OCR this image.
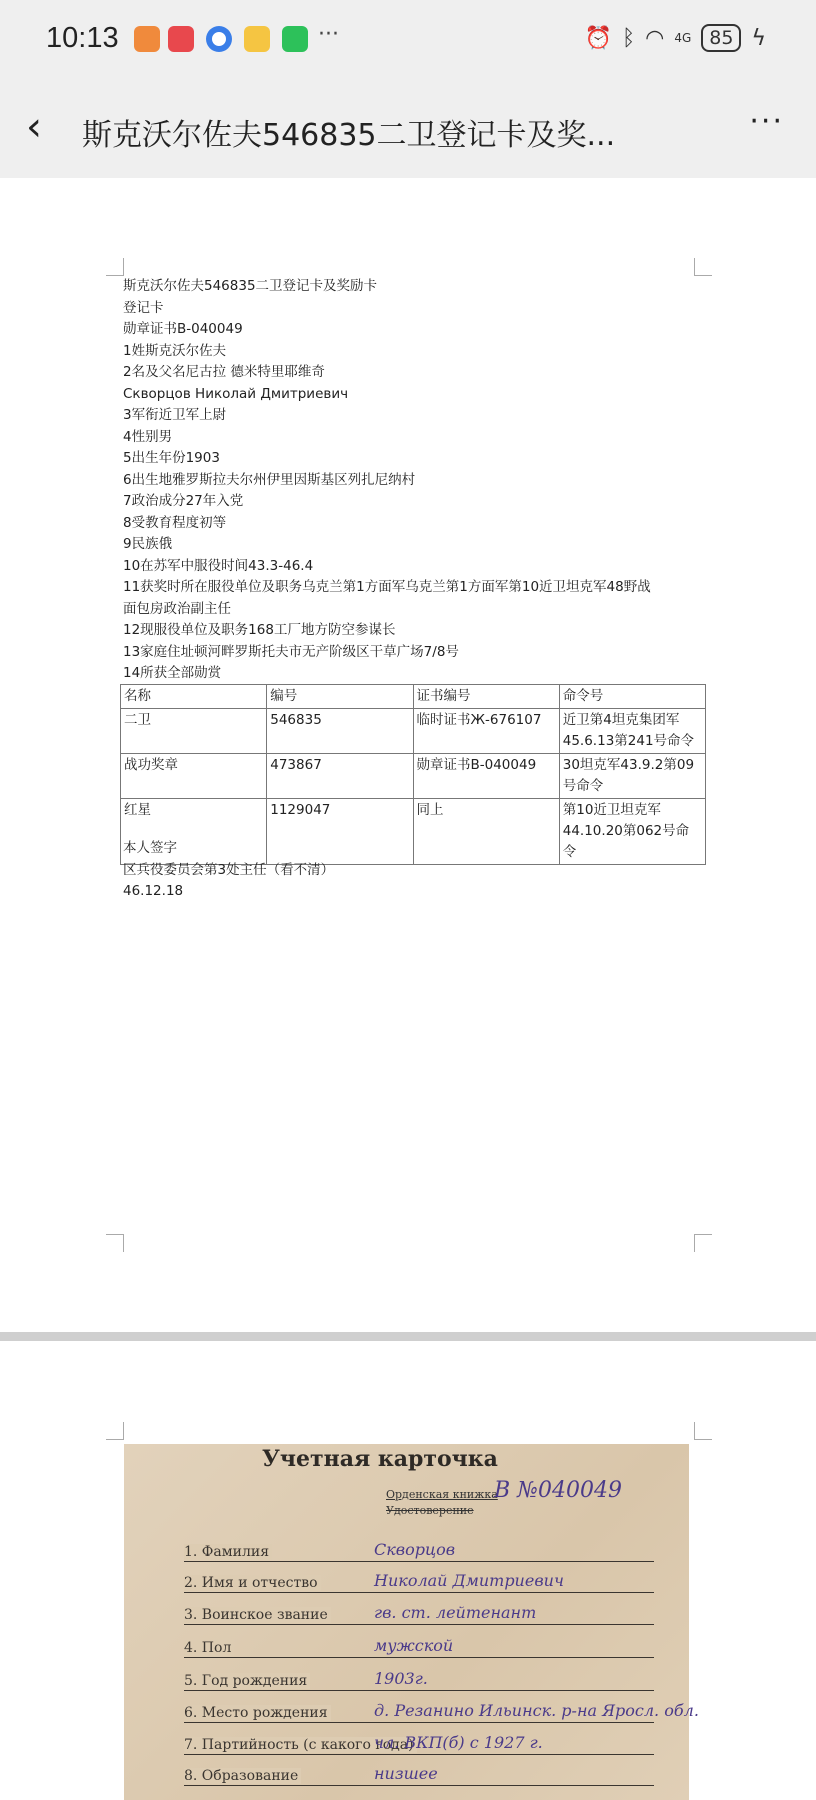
10:13	···	⏰ ᛒ ◠ 4G 85 ϟ
‹ 斯克沃尔佐夫546835二卫登记卡及奖...	···
斯克沃尔佐夫546835二卫登记卡及奖励卡
登记卡
勋章证书B-040049
1姓斯克沃尔佐夫
2名及父名尼古拉 德米特里耶维奇
Скворцов Николай Дмитриевич
3军衔近卫军上尉
4性别男
5出生年份1903
6出生地雅罗斯拉夫尔州伊里因斯基区列扎尼纳村
7政治成分27年入党
8受教育程度初等
9民族俄
10在苏军中服役时间43.3-46.4
11获奖时所在服役单位及职务乌克兰第1方面军乌克兰第1方面军第10近卫坦克军48野战
面包房政治副主任
12现服役单位及职务168工厂地方防空参谋长
13家庭住址顿河畔罗斯托夫市无产阶级区干草广场7/8号
14所获全部勋赏
名称	编号	证书编号	命令号
二卫	546835	临时证书Ж-676107	近卫第4坦克集团军45.6.13第241号命令
战功奖章	473867	勋章证书B-040049	30坦克军43.9.2第09号命令
红星	1129047	同上	第10近卫坦克军44.10.20第062号命令
本人签字
区兵役委员会第3处主任（看不清）
46.12.18
Учетная карточка
Орденская книжка
Удостоверение
B №040049
1. Фамилия	Скворцов
2. Имя и отчество	Николай Дмитриевич
3. Воинское звание	гв. ст. лейтенант
4. Пол	мужской
5. Год рождения	1903г.
6. Место рождения	д. Резанино Ильинск. р-на Яросл. обл.
7. Партийность (с какого года)
чл. ВКП(б) с 1927 г.
8. Образование	низшее
